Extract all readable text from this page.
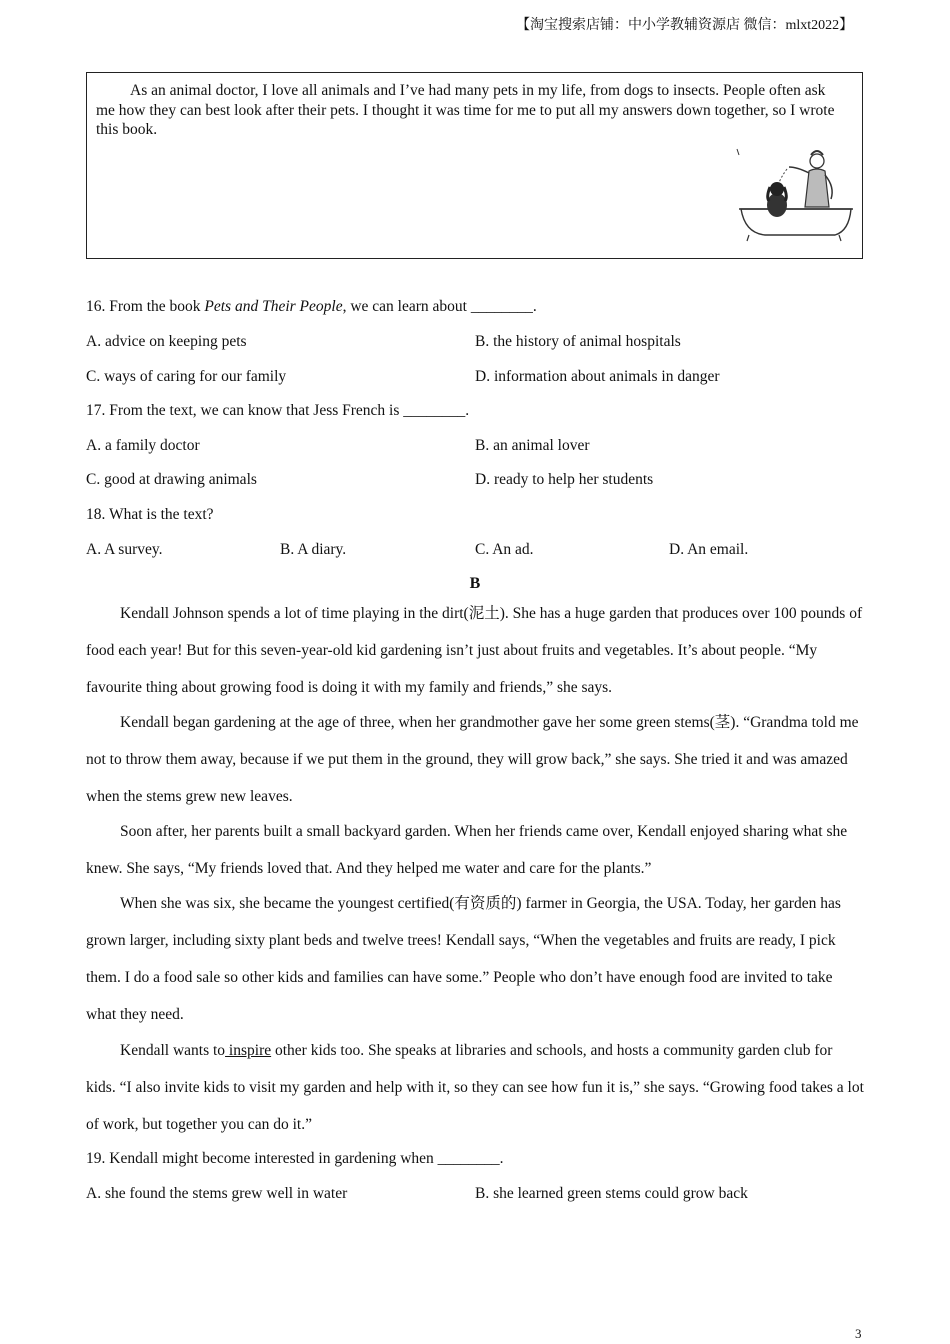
【淘宝搜索店铺：中小学教辅资源店 微信：mlxt2022】
As an animal doctor, I love all animals and I’ve had many pets in my life, from dogs to insects. People often ask me how they can best look after their pets. I thought it was time for me to put all my answers down together, so I wrote this book.
16. From the book Pets and Their People, we can learn about ________.
A. advice on keeping pets	B. the history of animal hospitals
C. ways of caring for our family	D. information about animals in danger
17. From the text, we can know that Jess French is ________.
A. a family doctor	B. an animal lover
C. good at drawing animals	D. ready to help her students
18. What is the text?
A. A survey.	B. A diary.	C. An ad.	D. An email.
B
Kendall Johnson spends a lot of time playing in the dirt(泥土). She has a huge garden that produces over 100 pounds of food each year! But for this seven-year-old kid gardening isn’t just about fruits and vegetables. It’s about people. “My favourite thing about growing food is doing it with my family and friends,” she says.
Kendall began gardening at the age of three, when her grandmother gave her some green stems(茎). “Grandma told me not to throw them away, because if we put them in the ground, they will grow back,” she says. She tried it and was amazed when the stems grew new leaves.
Soon after, her parents built a small backyard garden. When her friends came over, Kendall enjoyed sharing what she knew. She says, “My friends loved that. And they helped me water and care for the plants.”
When she was six, she became the youngest certified(有资质的) farmer in Georgia, the USA. Today, her garden has grown larger, including sixty plant beds and twelve trees! Kendall says, “When the vegetables and fruits are ready, I pick them. I do a food sale so other kids and families can have some.” People who don’t have enough food are invited to take what they need.
Kendall wants to inspire other kids too. She speaks at libraries and schools, and hosts a community garden club for kids. “I also invite kids to visit my garden and help with it, so they can see how fun it is,” she says. “Growing food takes a lot of work, but together you can do it.”
19. Kendall might become interested in gardening when ________.
A. she found the stems grew well in water	B. she learned green stems could grow back
3
